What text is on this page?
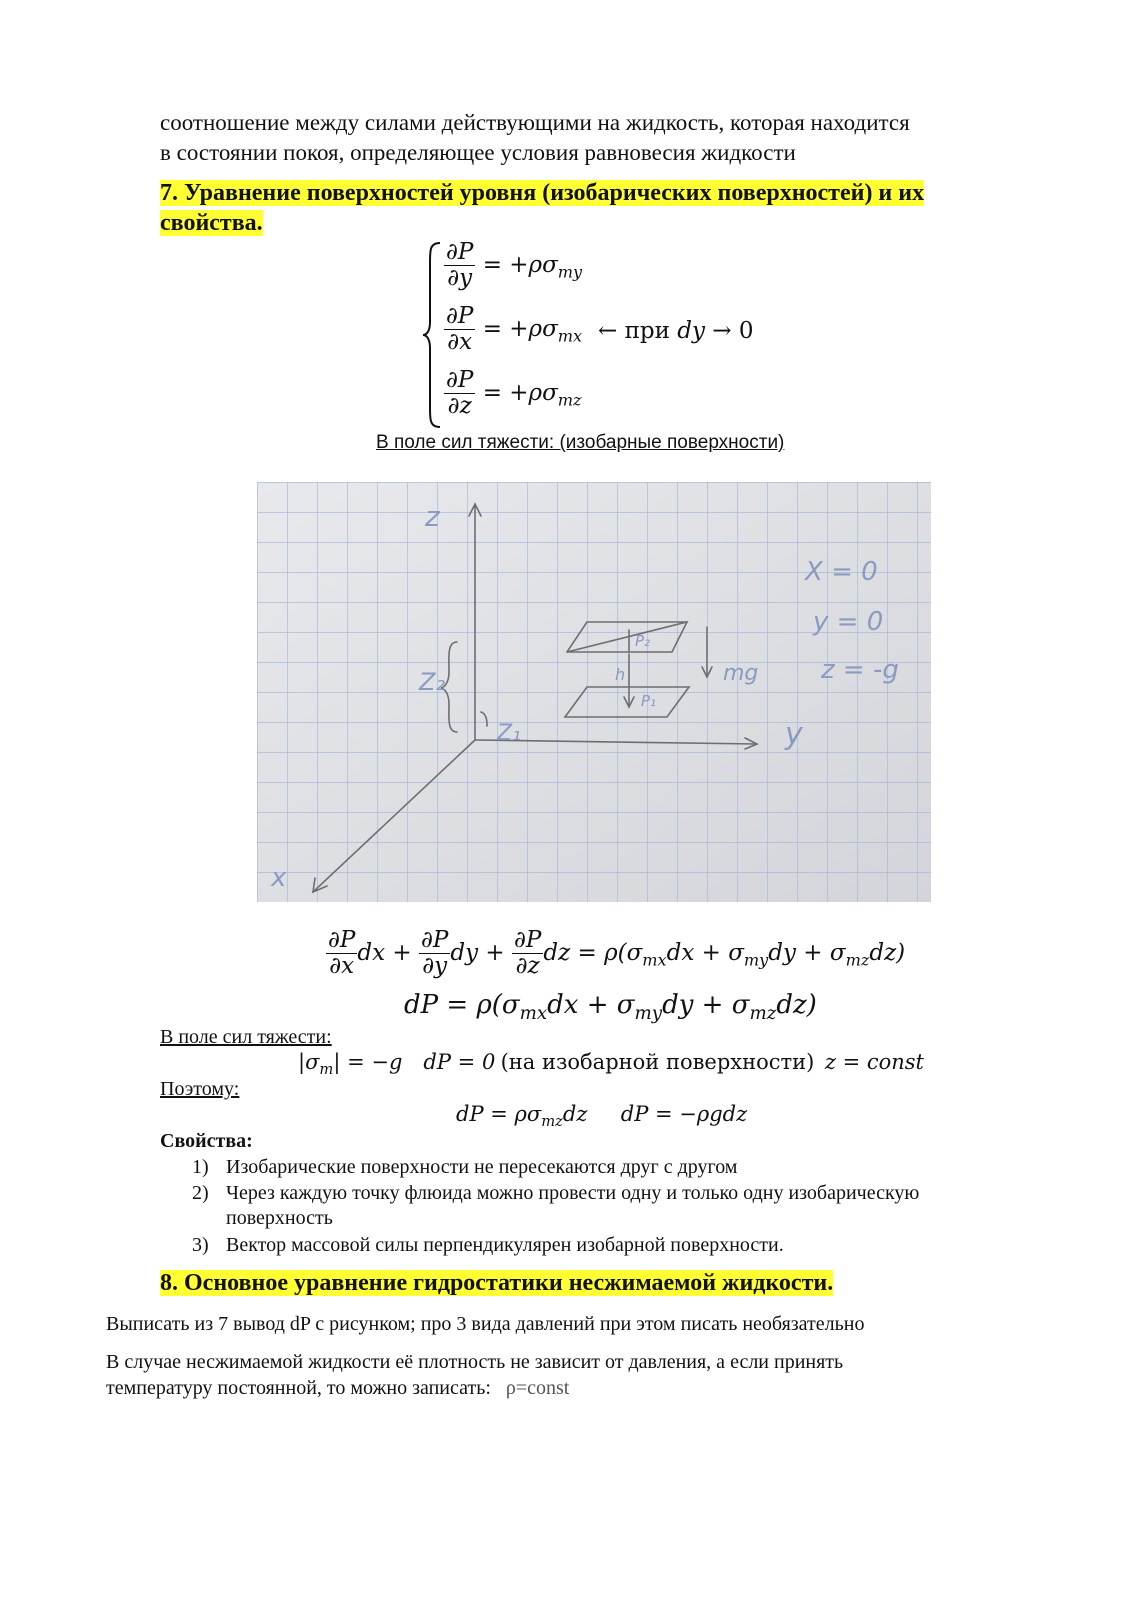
соотношение между силами действующими на жидкость, которая находится
в состоянии покоя, определяющее условия равновесия жидкости
7. Уравнение поверхностей уровня (изобарических поверхностей) и их
свойства.
$\frac{\partial P}{\partial y} = +\rho\sigma_{my}$
$\frac{\partial P}{\partial x} = +\rho\sigma_{mx}$ ← при dy → 0
$\frac{\partial P}{\partial z} = +\rho\sigma_{mz}$
В поле сил тяжести: (изобарные поверхности)
z
y
x
Z₂
Z₁
P₂
P₁
h	mg
X = 0
y = 0
z = -g
$\frac{\partial P}{\partial x}$ dx + $\frac{\partial P}{\partial y}$ dy + $\frac{\partial P}{\partial z}$ dz = $\rho(\sigma_{mx}dx + \sigma_{my}dy + \sigma_{mz}dz)$
dP = $\rho(\sigma_{mx}dx + \sigma_{my}dy + \sigma_{mz}dz)$
В поле сил тяжести:
$|\sigma_m| = -g$ dP = 0 (на изобарной поверхности) z = const
Поэтому:
dP = $\rho\sigma_{mz}dz$ dP = −ρgdz
Свойства:
1) Изобарические поверхности не пересекаются друг с другом
2) Через каждую точку флюида можно провести одну и только одну изобарическую
поверхность
3) Вектор массовой силы перпендикулярен изобарной поверхности.
8. Основное уравнение гидростатики несжимаемой жидкости.
Выписать из 7 вывод dP с рисунком; про 3 вида давлений при этом писать необязательно
В случае несжимаемой жидкости её плотность не зависит от давления, а если принять
температуру постоянной, то можно записать: ρ=const
